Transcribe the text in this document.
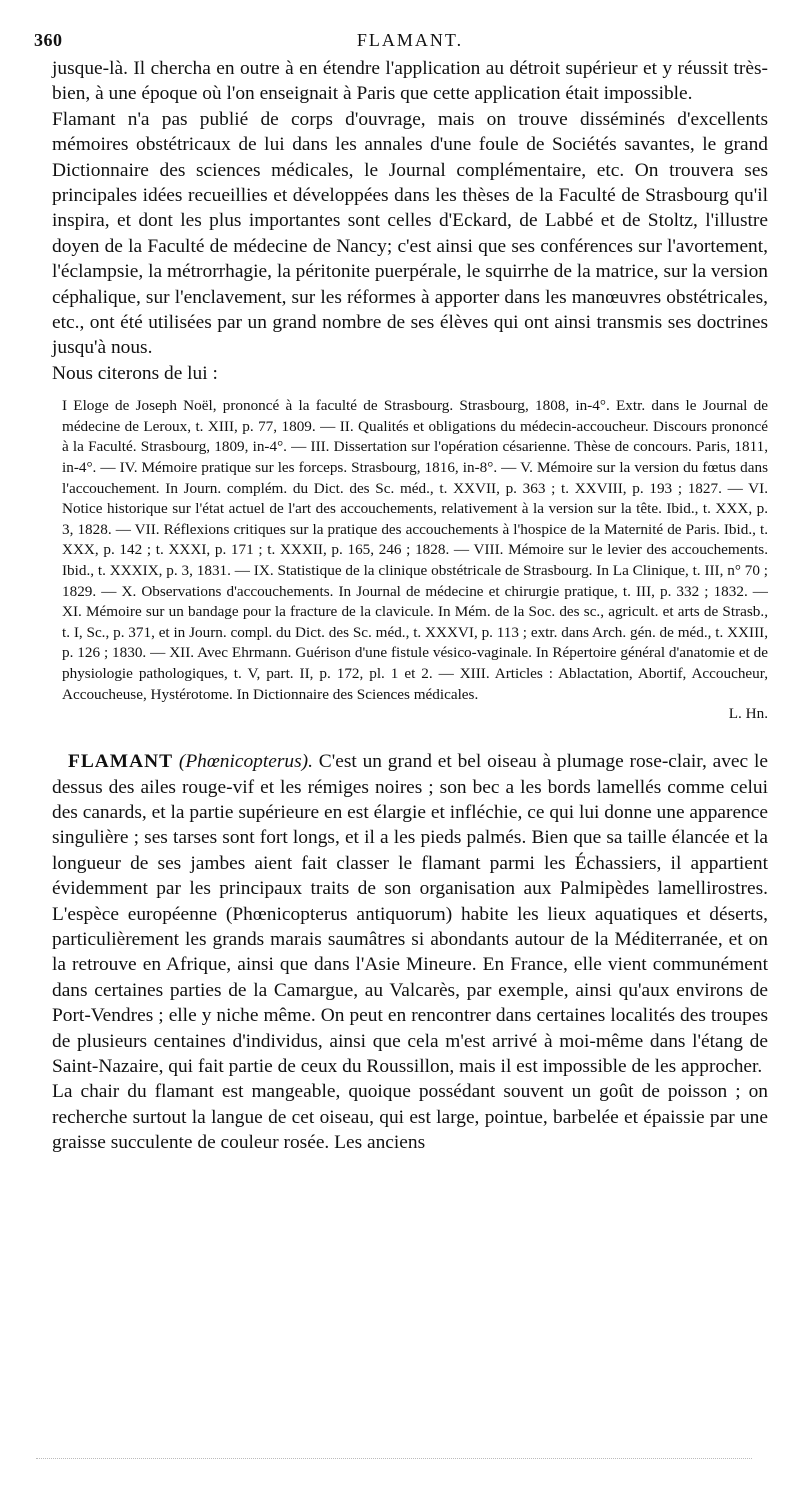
360	FLAMANT.

jusque-là. Il chercha en outre à en étendre l'application au détroit supérieur et y réussit très-bien, à une époque où l'on enseignait à Paris que cette application était impossible.

Flamant n'a pas publié de corps d'ouvrage, mais on trouve disséminés d'excellents mémoires obstétricaux de lui dans les annales d'une foule de Sociétés savantes, le grand Dictionnaire des sciences médicales, le Journal complémentaire, etc. On trouvera ses principales idées recueillies et développées dans les thèses de la Faculté de Strasbourg qu'il inspira, et dont les plus importantes sont celles d'Eckard, de Labbé et de Stoltz, l'illustre doyen de la Faculté de médecine de Nancy; c'est ainsi que ses conférences sur l'avortement, l'éclampsie, la métrorrhagie, la péritonite puerpérale, le squirrhe de la matrice, sur la version céphalique, sur l'enclavement, sur les réformes à apporter dans les manœuvres obstétricales, etc., ont été utilisées par un grand nombre de ses élèves qui ont ainsi transmis ses doctrines jusqu'à nous.

Nous citerons de lui :

I Eloge de Joseph Noël, prononcé à la faculté de Strasbourg. Strasbourg, 1808, in-4°. Extr. dans le Journal de médecine de Leroux, t. XIII, p. 77, 1809. — II. Qualités et obligations du médecin-accoucheur. Discours prononcé à la Faculté. Strasbourg, 1809, in-4°. — III. Dissertation sur l'opération césarienne. Thèse de concours. Paris, 1811, in-4°. — IV. Mémoire pratique sur les forceps. Strasbourg, 1816, in-8°. — V. Mémoire sur la version du fœtus dans l'accouchement. In Journ. complém. du Dict. des Sc. méd., t. XXVII, p. 363 ; t. XXVIII, p. 193 ; 1827. — VI. Notice historique sur l'état actuel de l'art des accouchements, relativement à la version sur la tête. Ibid., t. XXX, p. 3, 1828. — VII. Réflexions critiques sur la pratique des accouchements à l'hospice de la Maternité de Paris. Ibid., t. XXX, p. 142 ; t. XXXI, p. 171 ; t. XXXII, p. 165, 246 ; 1828. — VIII. Mémoire sur le levier des accouchements. Ibid., t. XXXIX, p. 3, 1831. — IX. Statistique de la clinique obstétricale de Strasbourg. In La Clinique, t. III, n° 70 ; 1829. — X. Observations d'accouchements. In Journal de médecine et chirurgie pratique, t. III, p. 332 ; 1832. — XI. Mémoire sur un bandage pour la fracture de la clavicule. In Mém. de la Soc. des sc., agricult. et arts de Strasb., t. I, Sc., p. 371, et in Journ. compl. du Dict. des Sc. méd., t. XXXVI, p. 113 ; extr. dans Arch. gén. de méd., t. XXIII, p. 126 ; 1830. — XII. Avec Ehrmann. Guérison d'une fistule vésico-vaginale. In Répertoire général d'anatomie et de physiologie pathologiques, t. V, part. II, p. 172, pl. 1 et 2. — XIII. Articles : Ablactation, Abortif, Accoucheur, Accoucheuse, Hystérotome. In Dictionnaire des Sciences médicales.

L. Hn.

FLAMANT (Phœnicopterus). C'est un grand et bel oiseau à plumage rose-clair, avec le dessus des ailes rouge-vif et les rémiges noires ; son bec a les bords lamellés comme celui des canards, et la partie supérieure en est élargie et infléchie, ce qui lui donne une apparence singulière ; ses tarses sont fort longs, et il a les pieds palmés. Bien que sa taille élancée et la longueur de ses jambes aient fait classer le flamant parmi les Échassiers, il appartient évidemment par les principaux traits de son organisation aux Palmipèdes lamellirostres. L'espèce européenne (Phœnicopterus antiquorum) habite les lieux aquatiques et déserts, particulièrement les grands marais saumâtres si abondants autour de la Méditerranée, et on la retrouve en Afrique, ainsi que dans l'Asie Mineure. En France, elle vient communément dans certaines parties de la Camargue, au Valcarès, par exemple, ainsi qu'aux environs de Port-Vendres ; elle y niche même. On peut en rencontrer dans certaines localités des troupes de plusieurs centaines d'individus, ainsi que cela m'est arrivé à moi-même dans l'étang de Saint-Nazaire, qui fait partie de ceux du Roussillon, mais il est impossible de les approcher.

La chair du flamant est mangeable, quoique possédant souvent un goût de poisson ; on recherche surtout la langue de cet oiseau, qui est large, pointue, barbelée et épaissie par une graisse succulente de couleur rosée. Les anciens
